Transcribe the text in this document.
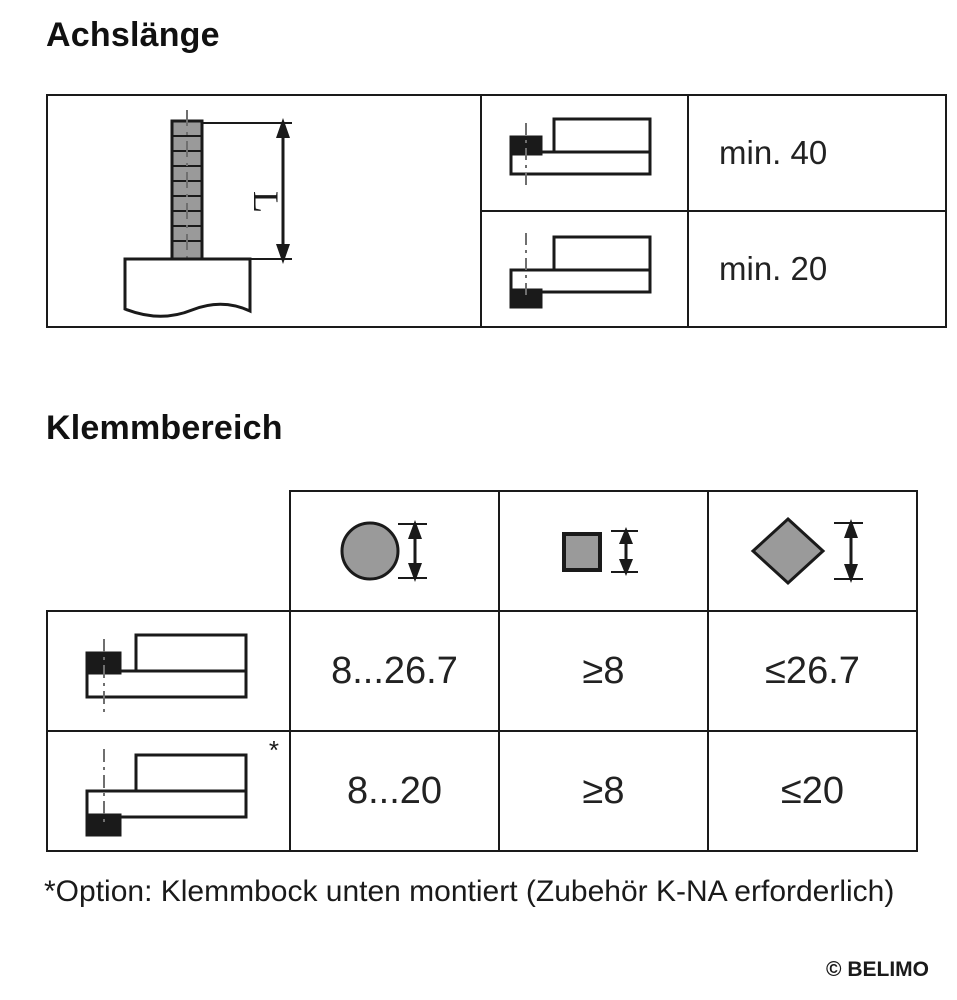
Achslänge
L		min. 40

	min. 20
Klemmbereich

	8...26.7	≥8	≤26.7

*	8...20	≥8	≤20
*Option: Klemmbock unten montiert (Zubehör K-NA erforderlich)
© BELIMO
